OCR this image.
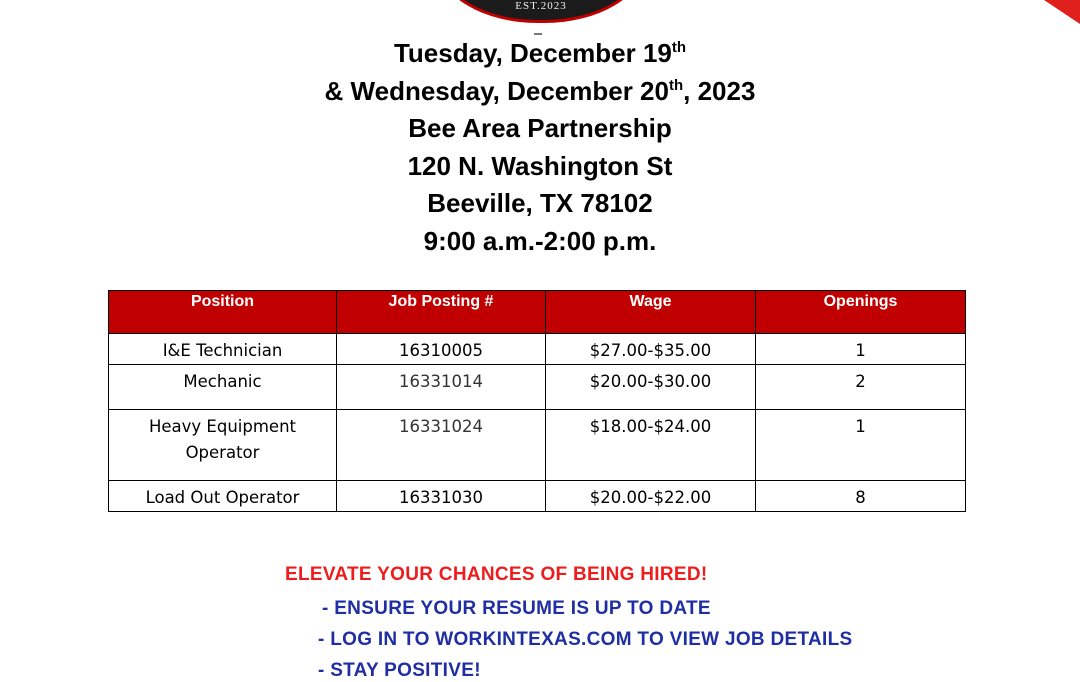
EST.2023
Tuesday, December 19th
& Wednesday, December 20th, 2023
Bee Area Partnership
120 N. Washington St
Beeville, TX 78102
9:00 a.m.-2:00 p.m.
Position	Job Posting #	Wage	Openings
I&E Technician	16310005	$27.00-$35.00	1
Mechanic	16331014	$20.00-$30.00	2
Heavy Equipment Operator	16331024	$18.00-$24.00	1
Load Out Operator	16331030	$20.00-$22.00	8
ELEVATE YOUR CHANCES OF BEING HIRED!
- ENSURE YOUR RESUME IS UP TO DATE
- LOG IN TO WORKINTEXAS.COM TO VIEW JOB DETAILS
- STAY POSITIVE!
